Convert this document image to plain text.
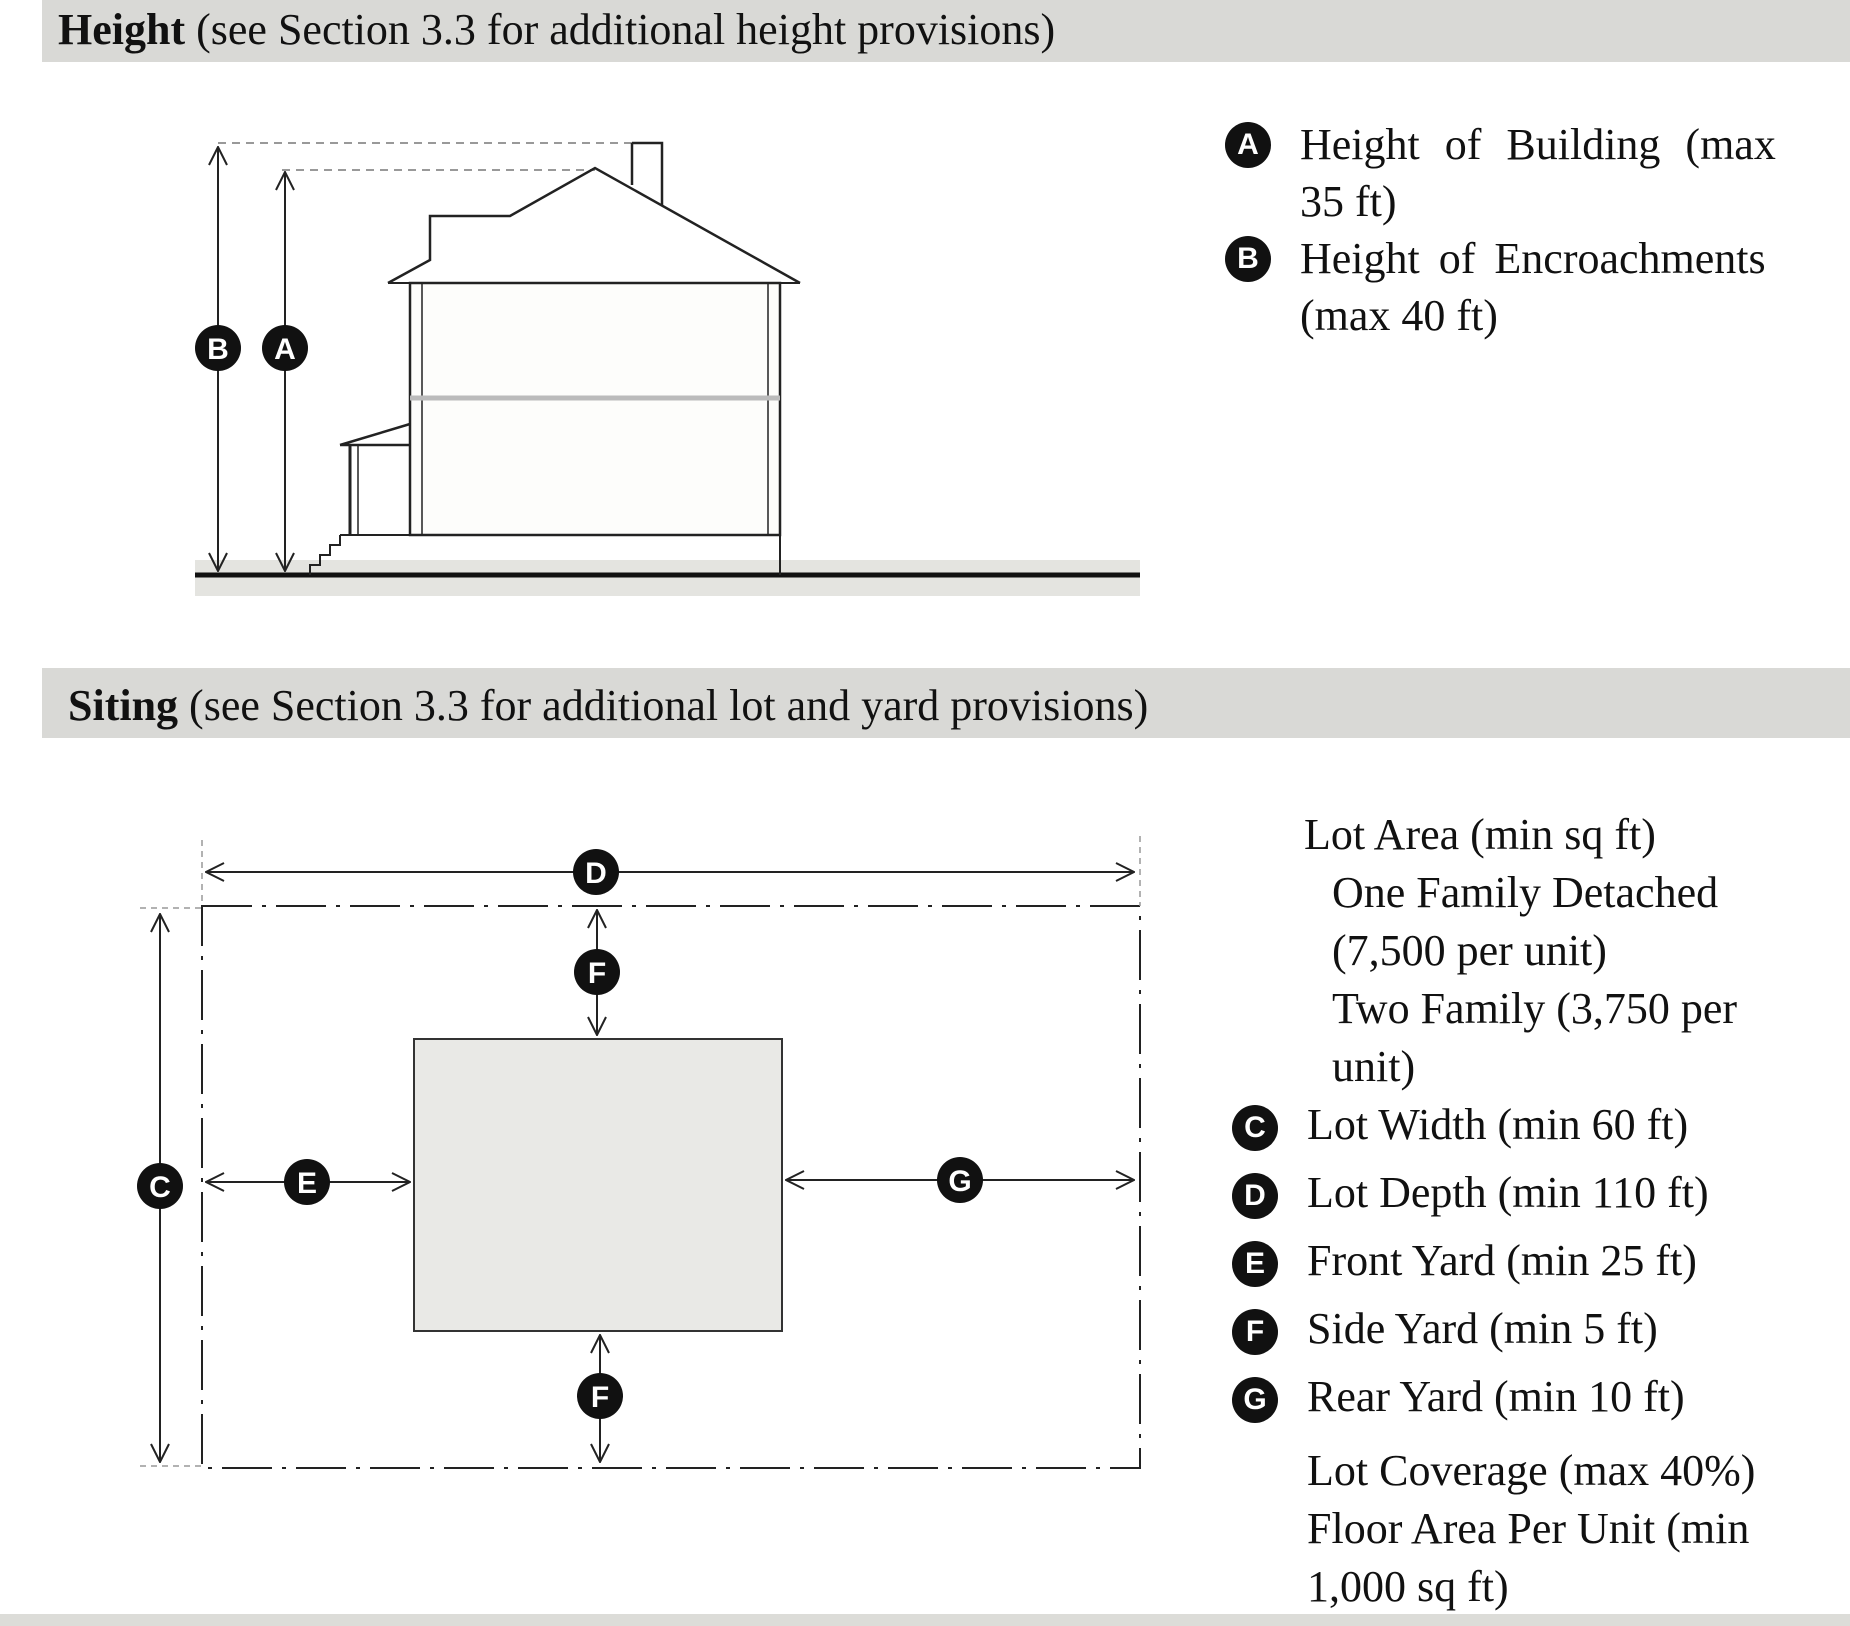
Height (see Section 3.3 for additional height provisions)
Siting (see Section 3.3 for additional lot and yard provisions)
B A
D
C
F
F
E	G
A Height of Building (max
35 ft)
B Height of Encroachments
(max 40 ft)
Lot Area (min sq ft)
One Family Detached
(7,500 per unit)
Two Family (3,750 per
unit)
C Lot Width (min 60 ft)
D Lot Depth (min 110 ft)
E Front Yard (min 25 ft)
F Side Yard (min 5 ft)
G Rear Yard (min 10 ft)
Lot Coverage (max 40%)
Floor Area Per Unit (min
1,000 sq ft)
